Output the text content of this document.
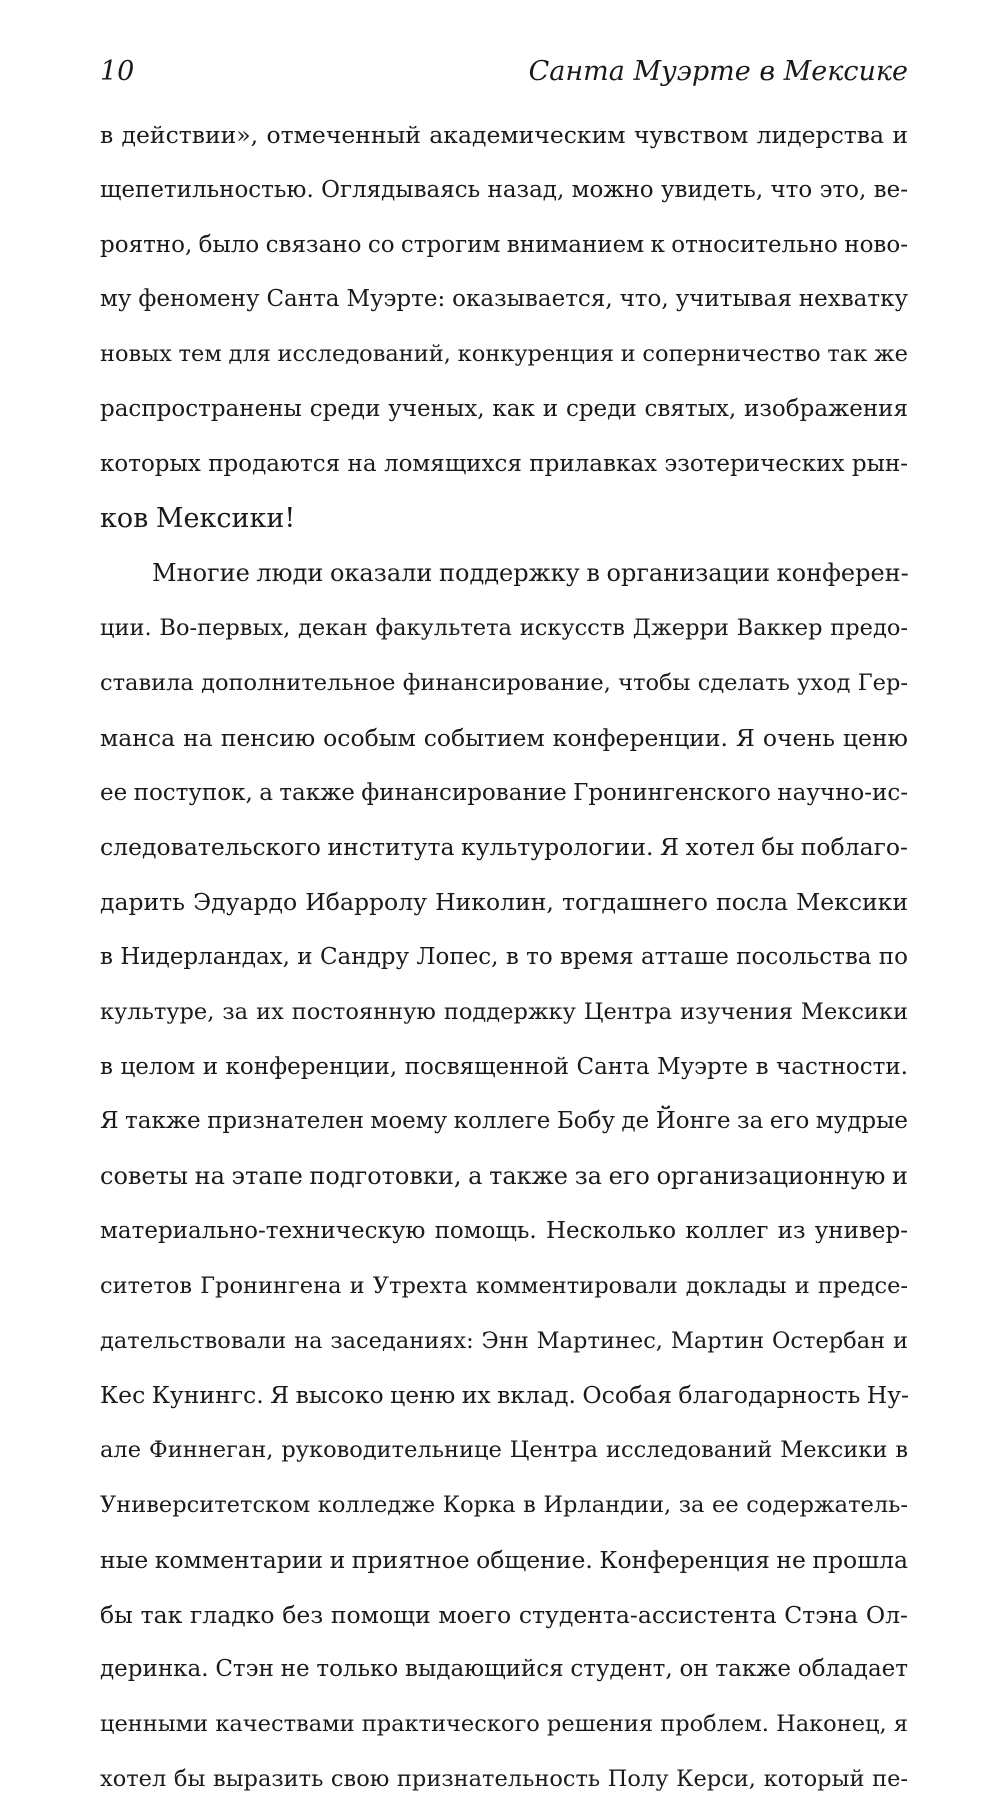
10	Санта Муэрте в Мексике
в действии», отмеченный академическим чувством лидерства и
щепетильностью. Оглядываясь назад, можно увидеть, что это, ве-
роятно, было связано со строгим вниманием к относительно ново-
му феномену Санта Муэрте: оказывается, что, учитывая нехватку
новых тем для исследований, конкуренция и соперничество так же
распространены среди ученых, как и среди святых, изображения
которых продаются на ломящихся прилавках эзотерических рын-
ков Мексики!
Многие люди оказали поддержку в организации конферен-
ции. Во-первых, декан факультета искусств Джерри Ваккер предо-
ставила дополнительное финансирование, чтобы сделать уход Гер-
манса на пенсию особым событием конференции. Я очень ценю
ее поступок, а также финансирование Гронингенского научно-ис-
следовательского института культурологии. Я хотел бы поблаго-
дарить Эдуардо Ибарролу Николин, тогдашнего посла Мексики
в Нидерландах, и Сандру Лопес, в то время атташе посольства по
культуре, за их постоянную поддержку Центра изучения Мексики
в целом и конференции, посвященной Санта Муэрте в частности.
Я также признателен моему коллеге Бобу де Йонге за его мудрые
советы на этапе подготовки, а также за его организационную и
материально-техническую помощь. Несколько коллег из универ-
ситетов Гронингена и Утрехта комментировали доклады и предсе-
дательствовали на заседаниях: Энн Мартинес, Мартин Остербан и
Кес Кунингс. Я высоко ценю их вклад. Особая благодарность Ну-
але Финнеган, руководительнице Центра исследований Мексики в
Университетском колледже Корка в Ирландии, за ее содержатель-
ные комментарии и приятное общение. Конференция не прошла
бы так гладко без помощи моего студента-ассистента Стэна Ол-
деринка. Стэн не только выдающийся студент, он также обладает
ценными качествами практического решения проблем. Наконец, я
хотел бы выразить свою признательность Полу Керси, который пе-
